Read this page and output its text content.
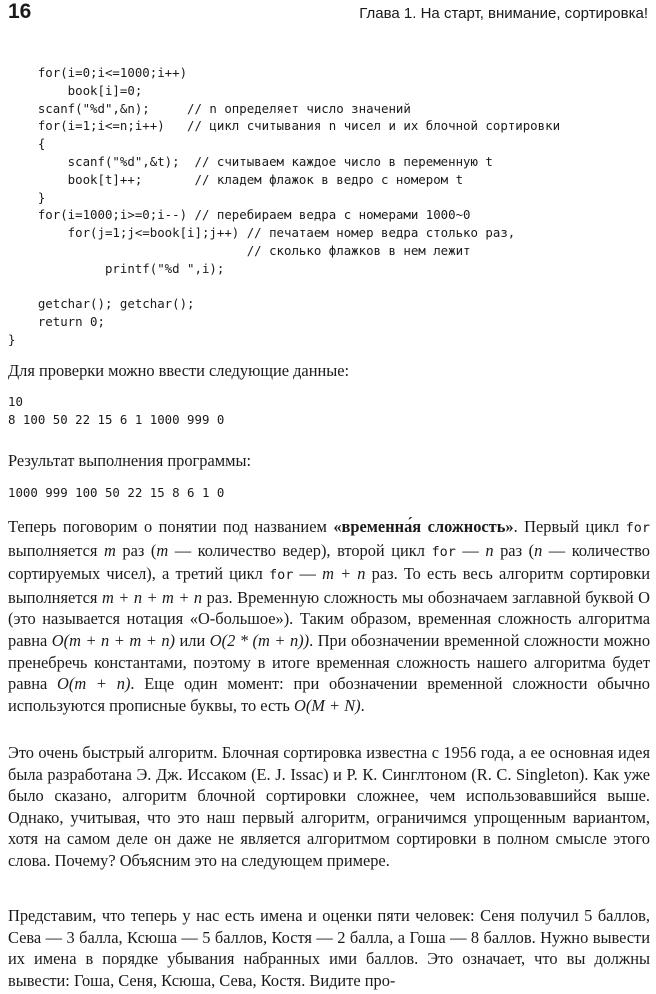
16	Глава 1. На старт, внимание, сортировка!
for(i=0;i<=1000;i++)
book[i]=0;
scanf("%d",&n);     // n определяет число значений
for(i=1;i<=n;i++)   // цикл считывания n чисел и их блочной сортировки
{
scanf("%d",&t);  // считываем каждое число в переменную t
book[t]++;       // кладем флажок в ведро с номером t
}
for(i=1000;i>=0;i--) // перебираем ведра с номерами 1000~0
for(j=1;j<=book[i];j++) // печатаем номер ведра столько раз,
// сколько флажков в нем лежит
printf("%d ",i);

getchar(); getchar();
return 0;
}

Для проверки можно ввести следующие данные:

10
8 100 50 22 15 6 1 1000 999 0

Результат выполнения программы:

1000 999 100 50 22 15 8 6 1 0

Теперь поговорим о понятии под названием «временна́я сложность». Первый цикл for выполняется m раз (m — количество ведер), второй цикл for — n раз (n — количество сортируемых чисел), а третий цикл for — m + n раз. То есть весь алгоритм сортировки выполняется m + n + m + n раз. Временную сложность мы обозначаем заглавной буквой O (это называется нотация «O-большое»). Таким образом, временная сложность алгоритма равна O(m + n + m + n) или O(2 * (m + n)). При обозначении временной сложности можно пренебречь константами, поэтому в итоге временная сложность нашего алгоритма будет равна O(m + n). Еще один момент: при обозначении временной сложности обычно используются прописные буквы, то есть O(M + N).

Это очень быстрый алгоритм. Блочная сортировка известна с 1956 года, а ее основная идея была разработана Э. Дж. Иссаком (E. J. Issac) и Р. К. Синглтоном (R. C. Singleton). Как уже было сказано, алгоритм блочной сортировки сложнее, чем использовавшийся выше. Однако, учитывая, что это наш первый алгоритм, ограничимся упрощенным вариантом, хотя на самом деле он даже не является алгоритмом сортировки в полном смысле этого слова. Почему? Объясним это на следующем примере.

Представим, что теперь у нас есть имена и оценки пяти человек: Сеня получил 5 баллов, Сева — 3 балла, Ксюша — 5 баллов, Костя — 2 балла, а Гоша — 8 баллов. Нужно вывести их имена в порядке убывания набранных ими баллов. Это означает, что вы должны вывести: Гоша, Сеня, Ксюша, Сева, Костя. Видите про-
